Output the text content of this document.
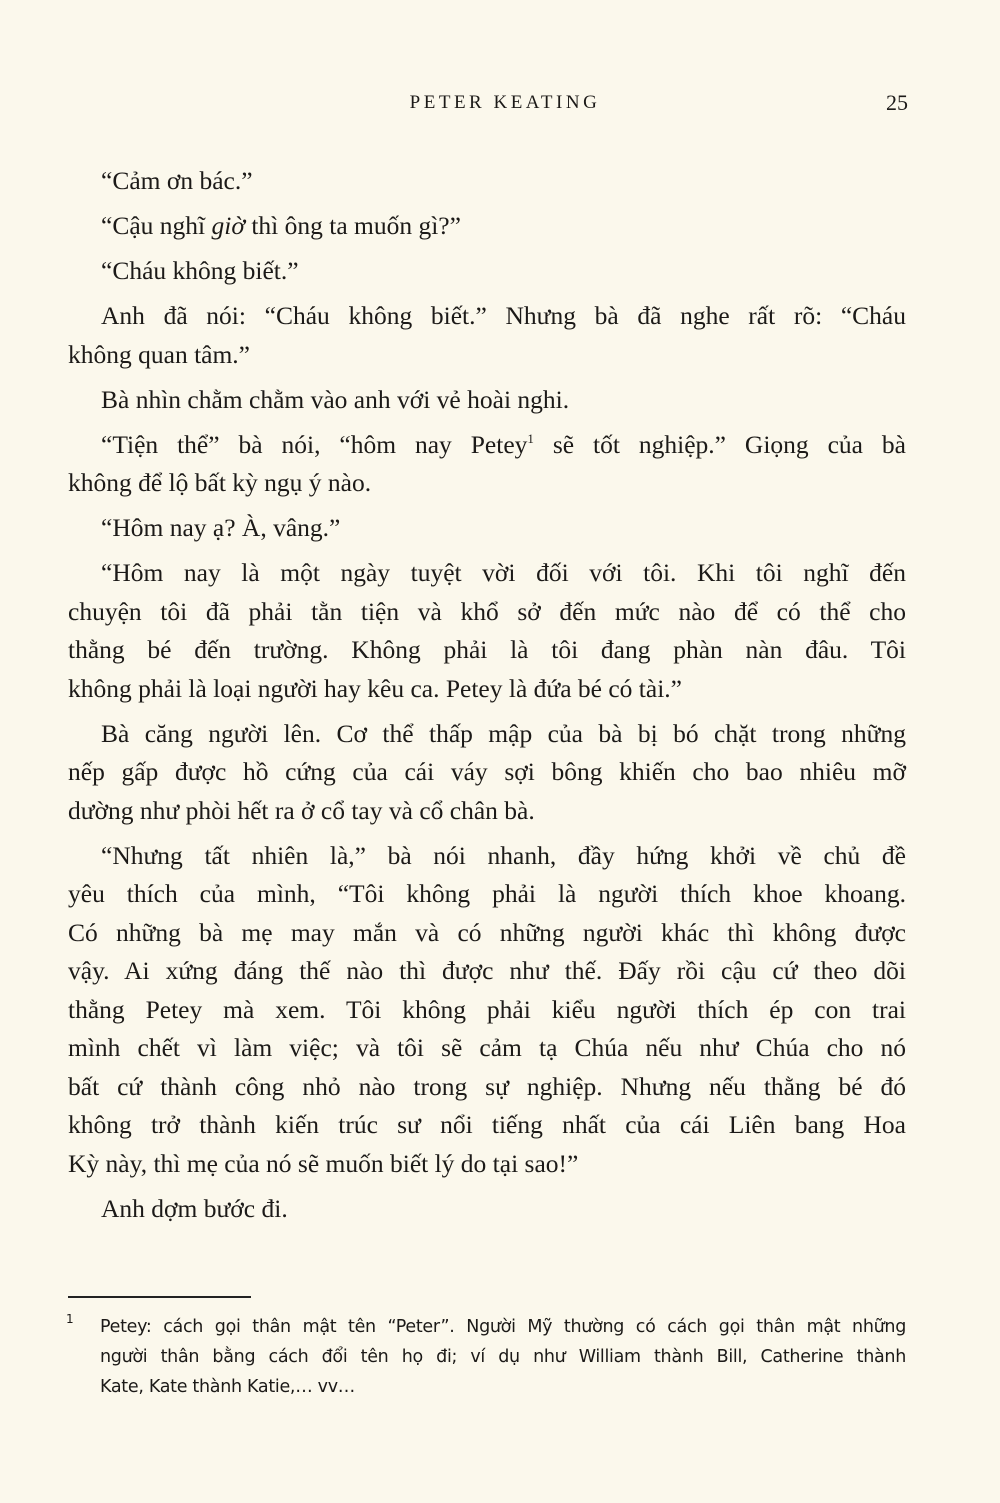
PETER KEATING	25
“Cảm ơn bác.”
“Cậu nghĩ giờ thì ông ta muốn gì?”
“Cháu không biết.”
Anh đã nói: “Cháu không biết.” Nhưng bà đã nghe rất rõ: “Cháu
không quan tâm.”
Bà nhìn chằm chằm vào anh với vẻ hoài nghi.
“Tiện thể” bà nói, “hôm nay Petey$^1$ sẽ tốt nghiệp.” Giọng của bà
không để lộ bất kỳ ngụ ý nào.
“Hôm nay ạ? À, vâng.”
“Hôm nay là một ngày tuyệt vời đối với tôi. Khi tôi nghĩ đến
chuyện tôi đã phải tằn tiện và khổ sở đến mức nào để có thể cho
thằng bé đến trường. Không phải là tôi đang phàn nàn đâu. Tôi
không phải là loại người hay kêu ca. Petey là đứa bé có tài.”
Bà căng người lên. Cơ thể thấp mập của bà bị bó chặt trong những
nếp gấp được hồ cứng của cái váy sợi bông khiến cho bao nhiêu mỡ
dường như phòi hết ra ở cổ tay và cổ chân bà.
“Nhưng tất nhiên là,” bà nói nhanh, đầy hứng khởi về chủ đề
yêu thích của mình, “Tôi không phải là người thích khoe khoang.
Có những bà mẹ may mắn và có những người khác thì không được
vậy. Ai xứng đáng thế nào thì được như thế. Đấy rồi cậu cứ theo dõi
thằng Petey mà xem. Tôi không phải kiểu người thích ép con trai
mình chết vì làm việc; và tôi sẽ cảm tạ Chúa nếu như Chúa cho nó
bất cứ thành công nhỏ nào trong sự nghiệp. Nhưng nếu thằng bé đó
không trở thành kiến trúc sư nổi tiếng nhất của cái Liên bang Hoa
Kỳ này, thì mẹ của nó sẽ muốn biết lý do tại sao!”
Anh dợm bước đi.
1 Petey: cách gọi thân mật tên “Peter”. Người Mỹ thường có cách gọi thân mật những
người thân bằng cách đổi tên họ đi; ví dụ như William thành Bill, Catherine thành
Kate, Kate thành Katie,… vv…
